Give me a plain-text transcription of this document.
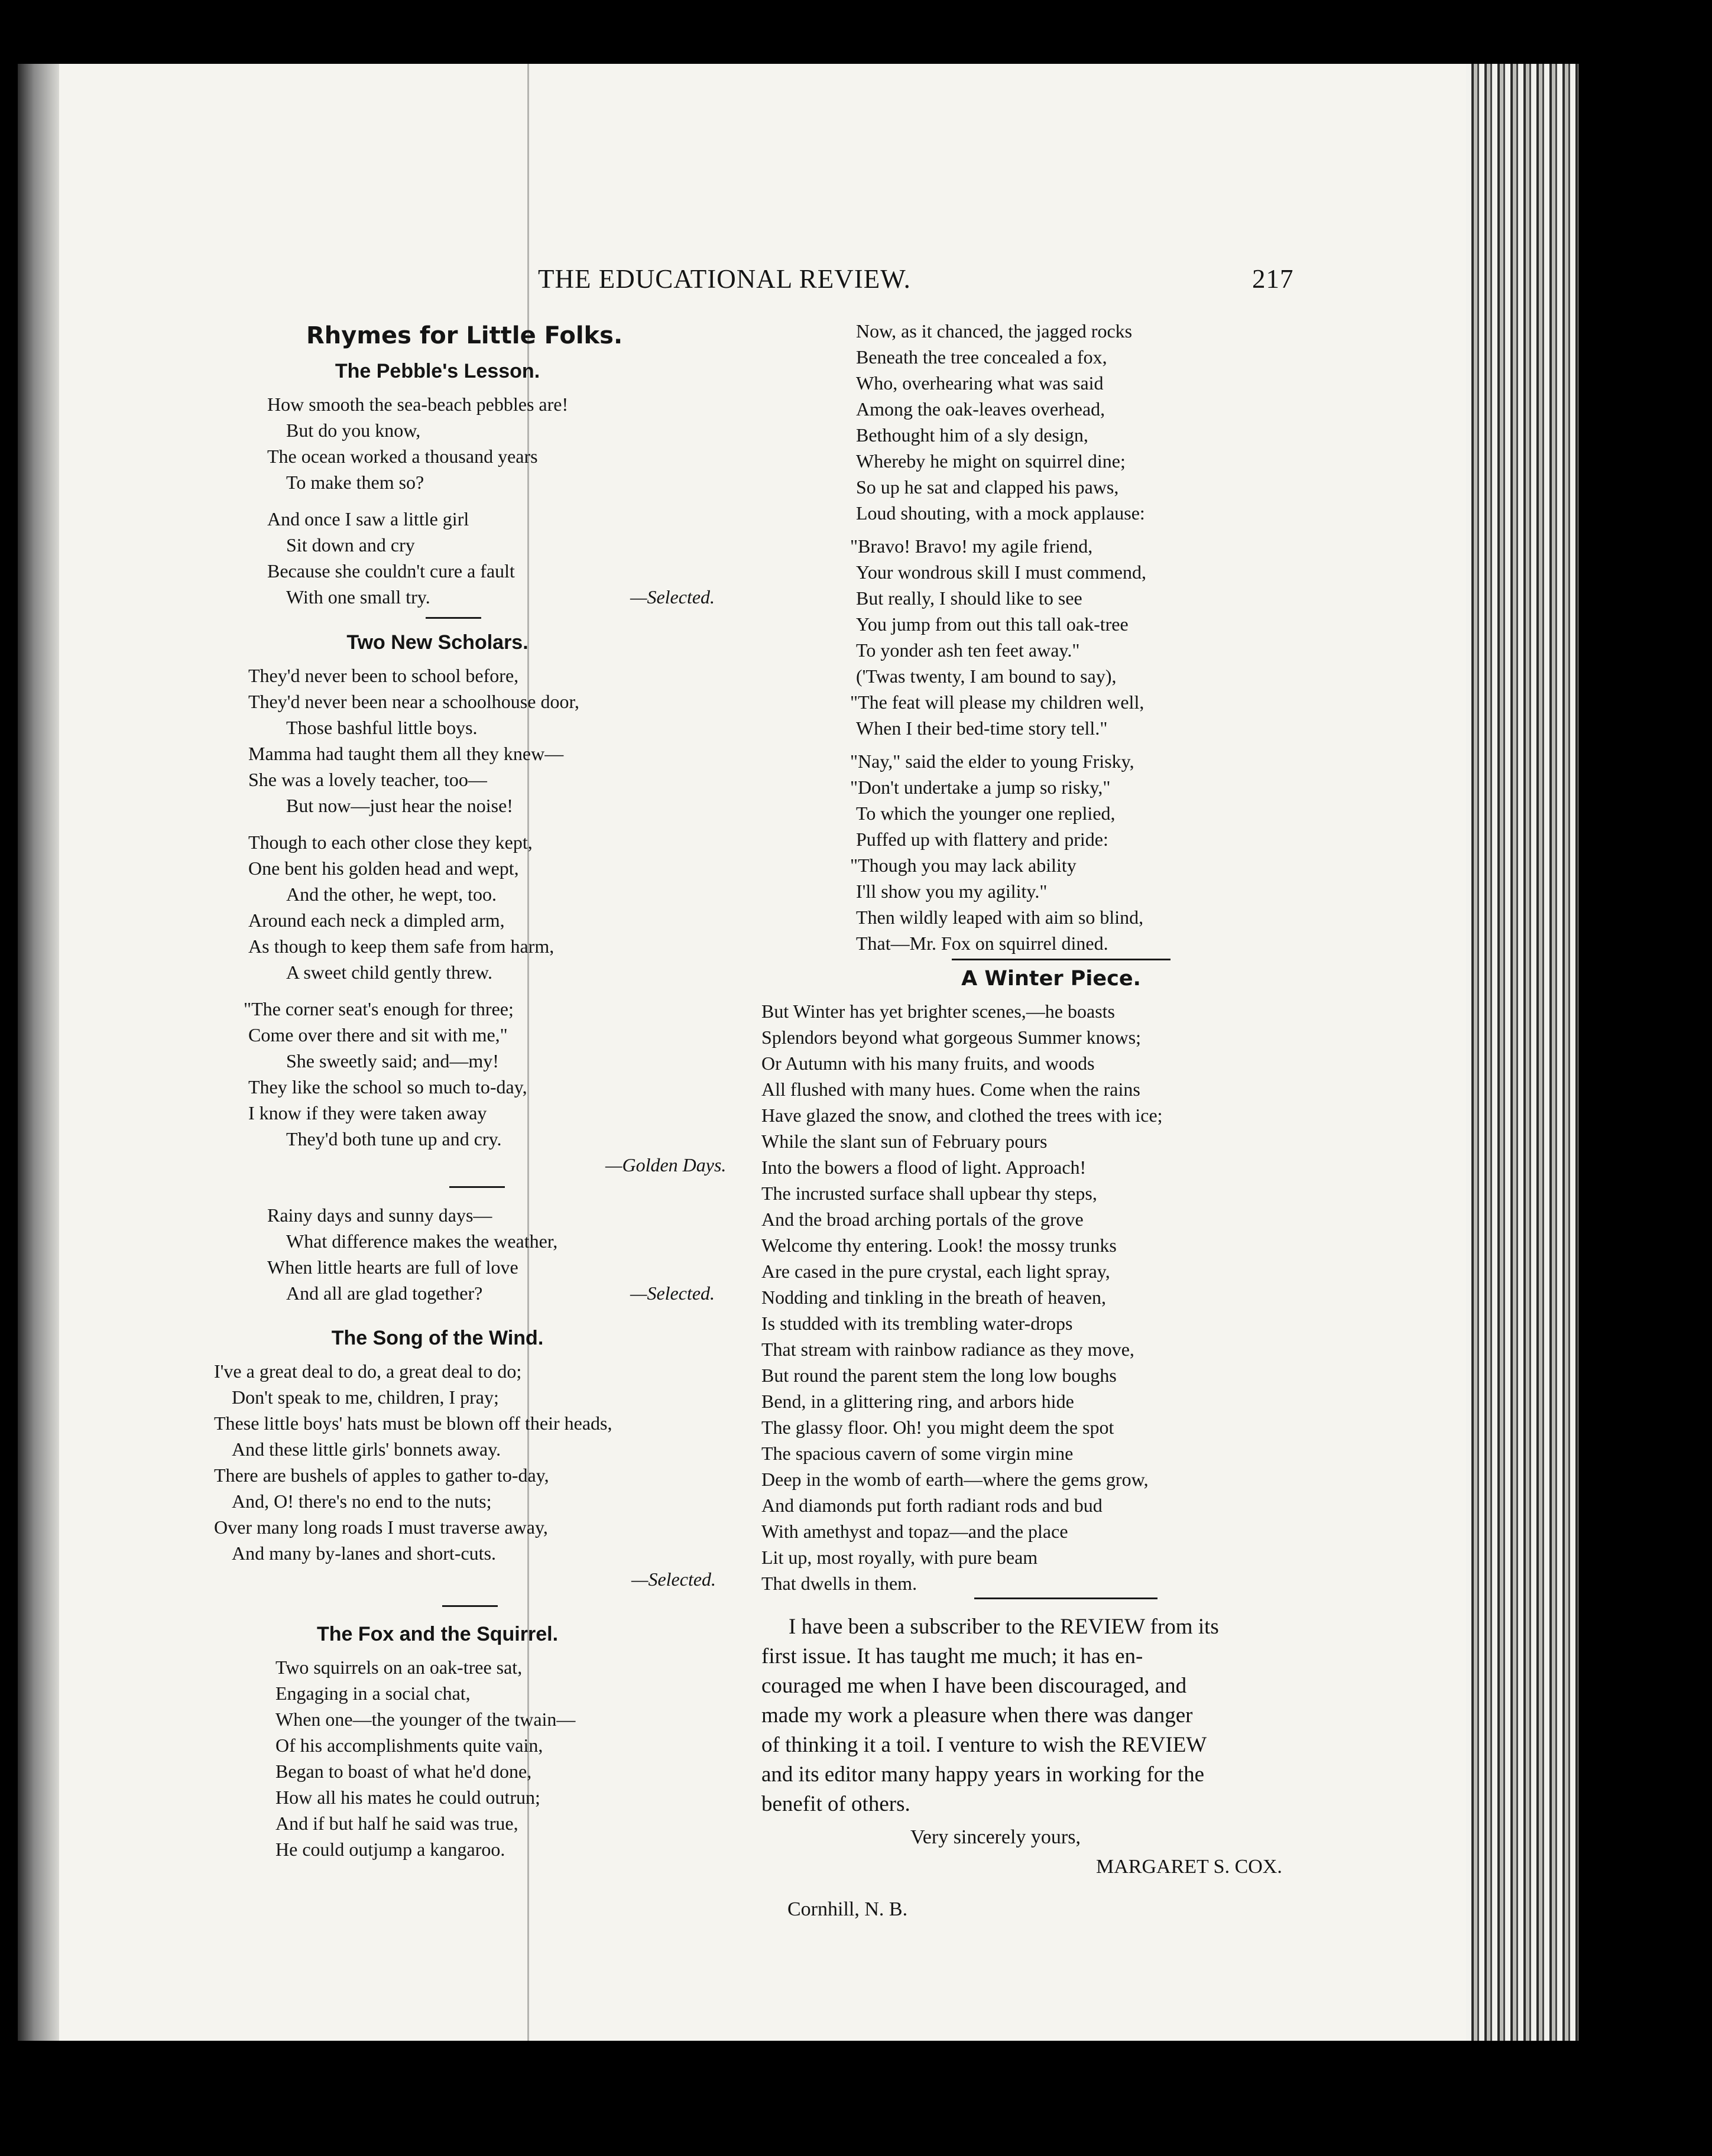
THE EDUCATIONAL REVIEW.	217
Rhymes for Little Folks.
The Pebble's Lesson.
How smooth the sea-beach pebbles are!
But do you know,
The ocean worked a thousand years
To make them so?
And once I saw a little girl
Sit down and cry
Because she couldn't cure a fault
With one small try.	—Selected.
Two New Scholars.
They'd never been to school before,
They'd never been near a schoolhouse door,
Those bashful little boys.
Mamma had taught them all they knew—
She was a lovely teacher, too—
But now—just hear the noise!
Though to each other close they kept,
One bent his golden head and wept,
And the other, he wept, too.
Around each neck a dimpled arm,
As though to keep them safe from harm,
A sweet child gently threw.
"The corner seat's enough for three;
Come over there and sit with me,"
She sweetly said; and—my!
They like the school so much to-day,
I know if they were taken away
They'd both tune up and cry.
—Golden Days.
Rainy days and sunny days—
What difference makes the weather,
When little hearts are full of love
And all are glad together?	—Selected.
The Song of the Wind.
I've a great deal to do, a great deal to do;
Don't speak to me, children, I pray;
These little boys' hats must be blown off their heads,
And these little girls' bonnets away.
There are bushels of apples to gather to-day,
And, O! there's no end to the nuts;
Over many long roads I must traverse away,
And many by-lanes and short-cuts.
—Selected.
The Fox and the Squirrel.
Two squirrels on an oak-tree sat,
Engaging in a social chat,
When one—the younger of the twain—
Of his accomplishments quite vain,
Began to boast of what he'd done,
How all his mates he could outrun;
And if but half he said was true,
He could outjump a kangaroo.
Now, as it chanced, the jagged rocks
Beneath the tree concealed a fox,
Who, overhearing what was said
Among the oak-leaves overhead,
Bethought him of a sly design,
Whereby he might on squirrel dine;
So up he sat and clapped his paws,
Loud shouting, with a mock applause:
"Bravo! Bravo! my agile friend,
Your wondrous skill I must commend,
But really, I should like to see
You jump from out this tall oak-tree
To yonder ash ten feet away."
('Twas twenty, I am bound to say),
"The feat will please my children well,
When I their bed-time story tell."
"Nay," said the elder to young Frisky,
"Don't undertake a jump so risky,"
To which the younger one replied,
Puffed up with flattery and pride:
"Though you may lack ability
I'll show you my agility."
Then wildly leaped with aim so blind,
That—Mr. Fox on squirrel dined.
A Winter Piece.
But Winter has yet brighter scenes,—he boasts
Splendors beyond what gorgeous Summer knows;
Or Autumn with his many fruits, and woods
All flushed with many hues. Come when the rains
Have glazed the snow, and clothed the trees with ice;
While the slant sun of February pours
Into the bowers a flood of light. Approach!
The incrusted surface shall upbear thy steps,
And the broad arching portals of the grove
Welcome thy entering. Look! the mossy trunks
Are cased in the pure crystal, each light spray,
Nodding and tinkling in the breath of heaven,
Is studded with its trembling water-drops
That stream with rainbow radiance as they move,
But round the parent stem the long low boughs
Bend, in a glittering ring, and arbors hide
The glassy floor. Oh! you might deem the spot
The spacious cavern of some virgin mine
Deep in the womb of earth—where the gems grow,
And diamonds put forth radiant rods and bud
With amethyst and topaz—and the place
Lit up, most royally, with pure beam
That dwells in them.
I have been a subscriber to the REVIEW from its
first issue. It has taught me much; it has en-
couraged me when I have been discouraged, and
made my work a pleasure when there was danger
of thinking it a toil. I venture to wish the REVIEW
and its editor many happy years in working for the
benefit of others.
Very sincerely yours,
MARGARET S. COX.
Cornhill, N. B.
